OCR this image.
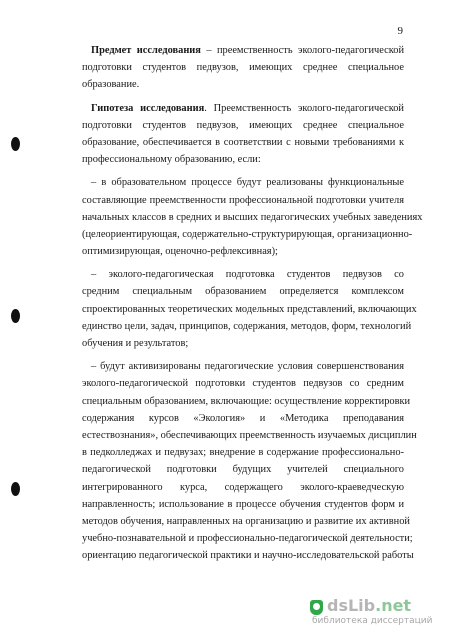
9
Предмет исследования – преемственность эколого-педагогической
подготовки студентов педвузов, имеющих среднее специальное
образование.
Гипотеза исследования. Преемственность эколого-педагогической
подготовки студентов педвузов, имеющих среднее специальное
образование, обеспечивается в соответствии с новыми требованиями к
профессиональному образованию, если:
– в образовательном процессе будут реализованы функциональные
составляющие преемственности профессиональной подготовки учителя
начальных классов в средних и высших педагогических учебных заведениях
(целеориентирующая, содержательно-структурирующая, организационно-
оптимизирующая, оценочно-рефлексивная);
– эколого-педагогическая подготовка студентов педвузов со
средним специальным образованием определяется комплексом
спроектированных теоретических модельных представлений, включающих
единство цели, задач, принципов, содержания, методов, форм, технологий
обучения и результатов;
– будут активизированы педагогические условия совершенствования
эколого-педагогической подготовки студентов педвузов со средним
специальным образованием, включающие: осуществление корректировки
содержания курсов «Экология» и «Методика преподавания
естествознания», обеспечивающих преемственность изучаемых дисциплин
в педколледжах и педвузах; внедрение в содержание профессионально-
педагогической подготовки будущих учителей специального
интегрированного курса, содержащего эколого-краеведческую
направленность; использование в процессе обучения студентов форм и
методов обучения, направленных на организацию и развитие их активной
учебно-познавательной и профессионально-педагогической деятельности;
ориентацию педагогической практики и научно-исследовательской работы
dsLib.net
библиотека диссертаций
